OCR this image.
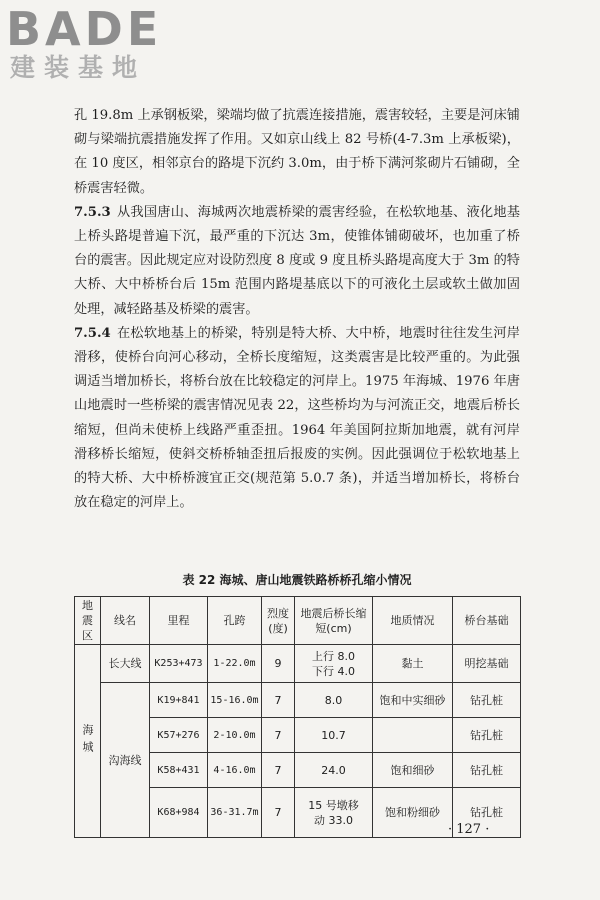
BADE
建装基地

孔 19.8m 上承钢板梁，梁端均做了抗震连接措施，震害较轻，主要是河床铺砌与梁端抗震措施发挥了作用。又如京山线上 82 号桥(4-7.3m 上承板梁)，在 10 度区，相邻京台的路堤下沉约 3.0m，由于桥下满河浆砌片石铺砌，全桥震害轻微。

7.5.3 从我国唐山、海城两次地震桥梁的震害经验，在松软地基、液化地基上桥头路堤普遍下沉，最严重的下沉达 3m，使锥体铺砌破坏，也加重了桥台的震害。因此规定应对设防烈度 8 度或 9 度且桥头路堤高度大于 3m 的特大桥、大中桥桥台后 15m 范围内路堤基底以下的可液化土层或软土做加固处理，减轻路基及桥梁的震害。

7.5.4 在松软地基上的桥梁，特别是特大桥、大中桥，地震时往往发生河岸滑移，使桥台向河心移动，全桥长度缩短，这类震害是比较严重的。为此强调适当增加桥长，将桥台放在比较稳定的河岸上。1975 年海城、1976 年唐山地震时一些桥梁的震害情况见表 22，这些桥均为与河流正交，地震后桥长缩短，但尚未使桥上线路严重歪扭。1964 年美国阿拉斯加地震，就有河岸滑移桥长缩短，使斜交桥桥轴歪扭后报废的实例。因此强调位于松软地基上的特大桥、大中桥桥渡宜正交(规范第 5.0.7 条)，并适当增加桥长，将桥台放在稳定的河岸上。

表 22 海城、唐山地震铁路桥桥孔缩小情况
地震区	线名	里程	孔跨	烈度(度)	地震后桥长缩短(cm)	地质情况	桥台基础
海城	长大线	K253+473	1-22.0m	9	上行 8.0
下行 4.0	黏土	明挖基础
	沟海线	K19+841	15-16.0m	7	8.0	饱和中实细砂	钻孔桩
		K57+276	2-10.0m	7	10.7		钻孔桩
		K58+431	4-16.0m	7	24.0	饱和细砂	钻孔桩
		K68+984	36-31.7m	7	15 号墩移
动 33.0	饱和粉细砂	钻孔桩
· 127 ·
